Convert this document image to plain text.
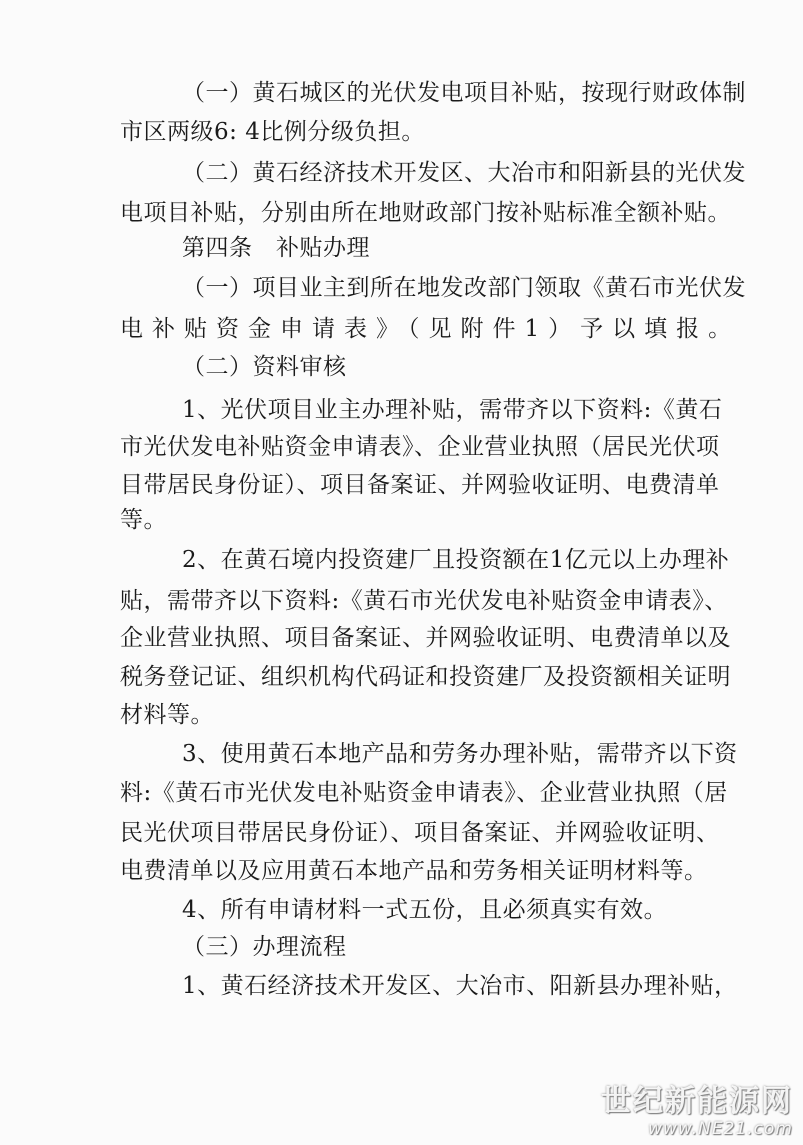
（一）黄石城区的光伏发电项目补贴，按现行财政体制
市区两级6: 4比例分级负担。
（二）黄石经济技术开发区、大冶市和阳新县的光伏发
电项目补贴，分别由所在地财政部门按补贴标准全额补贴。
第四条　补贴办理
（一）项目业主到所在地发改部门领取《黄石市光伏发
电补贴资金申请表》（见附件1）予以填报。
（二）资料审核
1、光伏项目业主办理补贴，需带齐以下资料:《黄石
市光伏发电补贴资金申请表》、企业营业执照（居民光伏项
目带居民身份证）、项目备案证、并网验收证明、电费清单
等。
2、在黄石境内投资建厂且投资额在1亿元以上办理补
贴，需带齐以下资料:《黄石市光伏发电补贴资金申请表》、
企业营业执照、项目备案证、并网验收证明、电费清单以及
税务登记证、组织机构代码证和投资建厂及投资额相关证明
材料等。
3、使用黄石本地产品和劳务办理补贴，需带齐以下资
料:《黄石市光伏发电补贴资金申请表》、企业营业执照（居
民光伏项目带居民身份证）、项目备案证、并网验收证明、
电费清单以及应用黄石本地产品和劳务相关证明材料等。
4、所有申请材料一式五份，且必须真实有效。
（三）办理流程
1、黄石经济技术开发区、大冶市、阳新县办理补贴，
世纪新能源网
www.NE21.com
